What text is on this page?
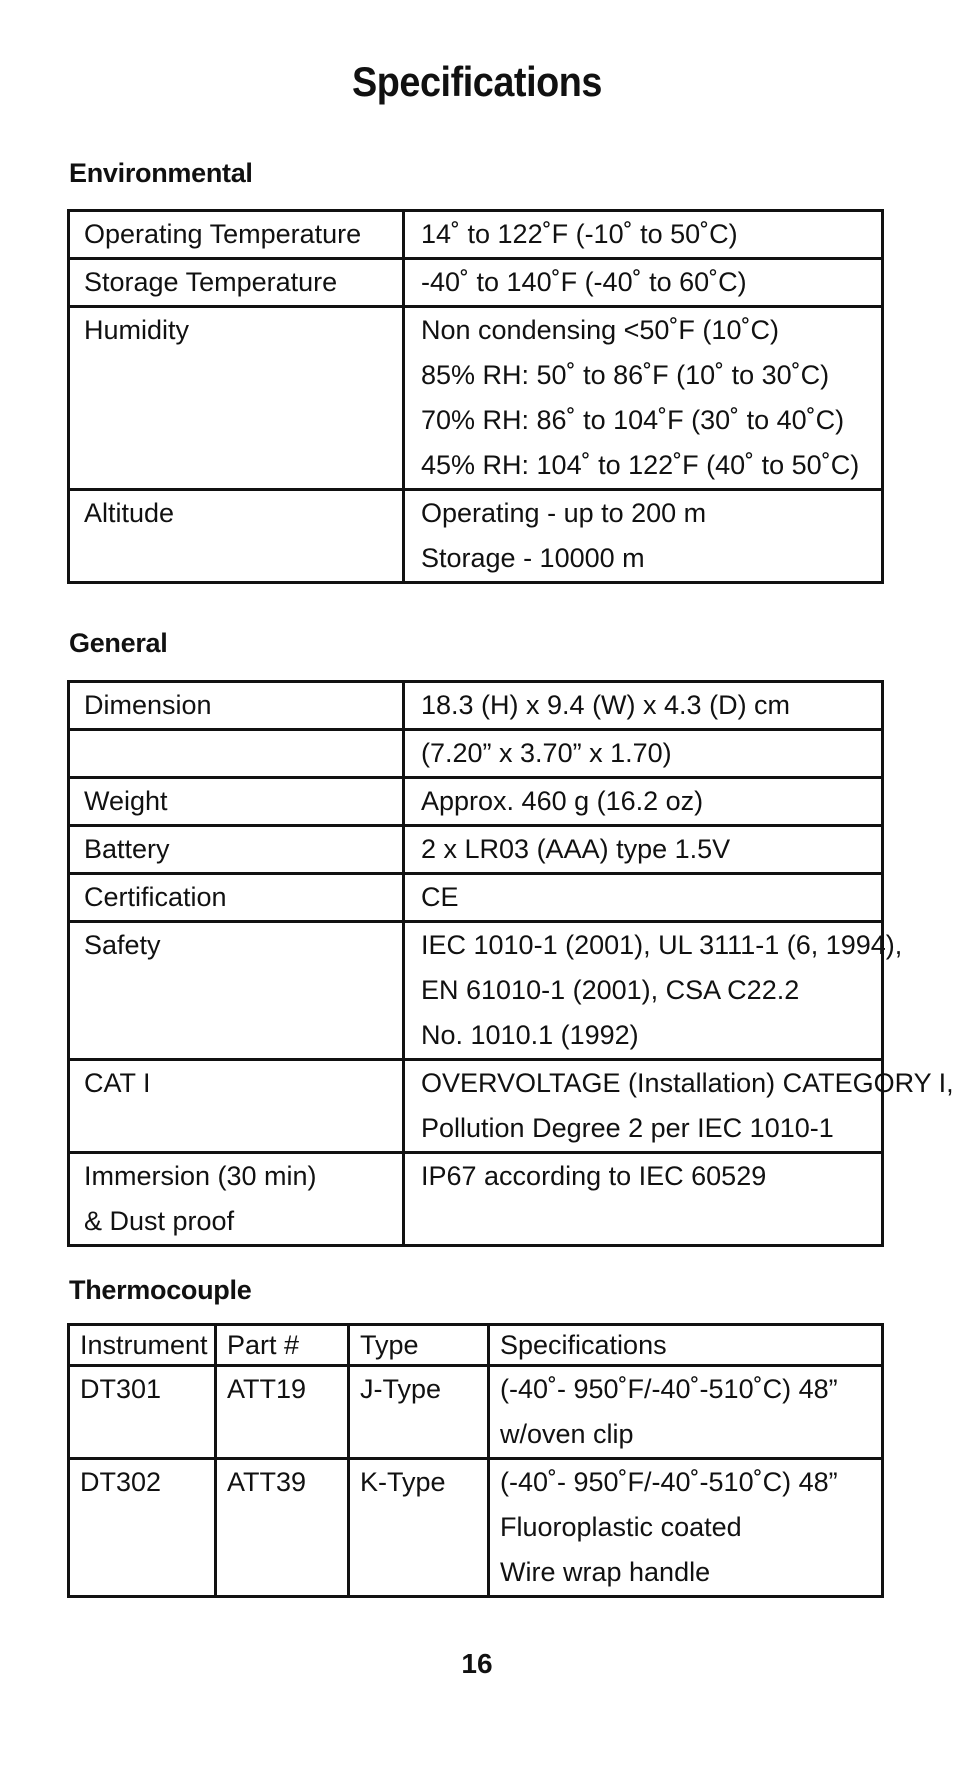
Specifications
Environmental
Operating Temperature	14˚ to 122˚F (-10˚ to 50˚C)

Storage Temperature	-40˚ to 140˚F (-40˚ to 60˚C)

Humidity	Non condensing <50˚F (10˚C)
85% RH: 50˚ to 86˚F (10˚ to 30˚C)
70% RH: 86˚ to 104˚F (30˚ to 40˚C)
45% RH: 104˚ to 122˚F (40˚ to 50˚C)

Altitude	Operating - up to 200 m
Storage - 10000 m
General
Dimension	18.3 (H) x 9.4 (W) x 4.3 (D) cm

	(7.20” x 3.70” x 1.70)

Weight	Approx. 460 g (16.2 oz)

Battery	2 x LR03 (AAA) type 1.5V

Certification	CE

Safety	IEC 1010-1 (2001), UL 3111-1 (6, 1994),
EN 61010-1 (2001), CSA C22.2
No. 1010.1 (1992)

CAT I	OVERVOLTAGE (Installation) CATEGORY I,
Pollution Degree 2 per IEC 1010-1

Immersion (30 min)
& Dust proof	IP67 according to IEC 60529
Thermocouple
Instrument	Part #	Type	Specifications

DT301	ATT19	J-Type	(-40˚- 950˚F/-40˚-510˚C) 48”
w/oven clip

DT302	ATT39	K-Type	(-40˚- 950˚F/-40˚-510˚C) 48”
Fluoroplastic coated
Wire wrap handle
16
